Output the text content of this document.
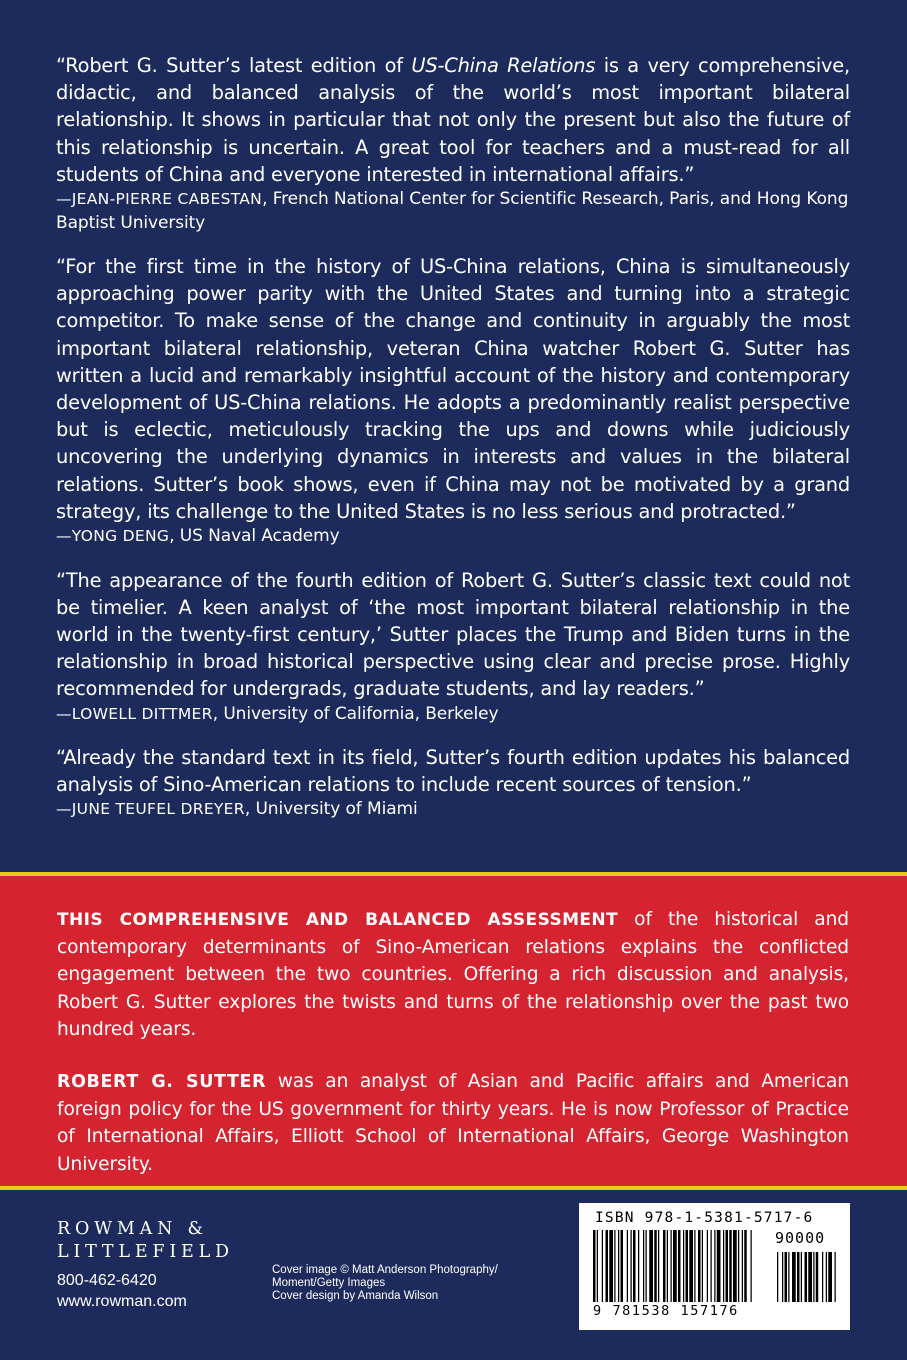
“Robert G. Sutter’s latest edition of US-China Relations is a very comprehensive, didactic, and balanced analysis of the world’s most important bilateral relationship. It shows in particular that not only the present but also the future of this relationship is uncertain. A great tool for teachers and a must-read for all students of China and everyone interested in international affairs.”
—JEAN-PIERRE CABESTAN, French National Center for Scientific Research, Paris, and Hong Kong Baptist University
“For the first time in the history of US-China relations, China is simultaneously approaching power parity with the United States and turning into a strategic competitor. To make sense of the change and continuity in arguably the most important bilateral relationship, veteran China watcher Robert G. Sutter has written a lucid and remarkably insightful account of the history and contemporary development of US-China relations. He adopts a predominantly realist perspective but is eclectic, meticulously tracking the ups and downs while judiciously uncovering the underlying dynamics in interests and values in the bilateral relations. Sutter’s book shows, even if China may not be motivated by a grand strategy, its challenge to the United States is no less serious and protracted.”
—YONG DENG, US Naval Academy
“The appearance of the fourth edition of Robert G. Sutter’s classic text could not be timelier. A keen analyst of ‘the most important bilateral relationship in the world in the twenty-first century,’ Sutter places the Trump and Biden turns in the relationship in broad historical perspective using clear and precise prose. Highly recommended for undergrads, graduate students, and lay readers.”
—LOWELL DITTMER, University of California, Berkeley
“Already the standard text in its field, Sutter’s fourth edition updates his balanced analysis of Sino-American relations to include recent sources of tension.”
—JUNE TEUFEL DREYER, University of Miami

THIS COMPREHENSIVE AND BALANCED ASSESSMENT of the historical and contemporary determinants of Sino-American relations explains the conflicted engagement between the two countries. Offering a rich discussion and analysis, Robert G. Sutter explores the twists and turns of the relationship over the past two hundred years.

ROBERT G. SUTTER was an analyst of Asian and Pacific affairs and American foreign policy for the US government for thirty years. He is now Professor of Practice of International Affairs, Elliott School of International Affairs, George Washington University.

ROWMAN &
LITTLEFIELD
800-462-6420
www.rowman.com
Cover image © Matt Anderson Photography/
Moment/Getty Images
Cover design by Amanda Wilson
ISBN 978-1-5381-5717-6
90000
9 781538 157176
